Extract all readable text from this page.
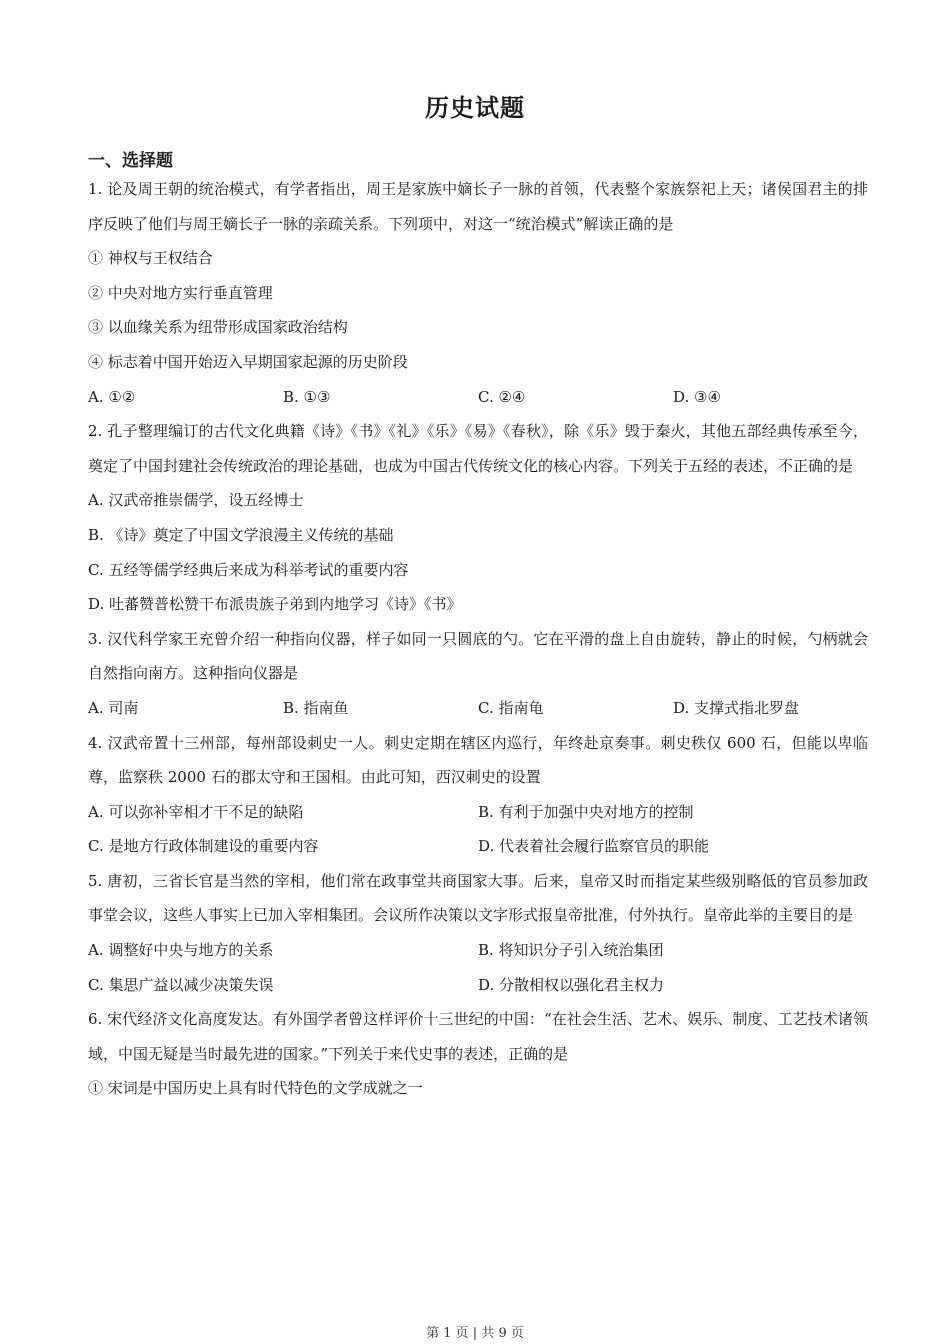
历史试题
一、选择题
1. 论及周王朝的统治模式，有学者指出，周王是家族中嫡长子一脉的首领，代表整个家族祭祀上天；诸侯国君主的排序反映了他们与周王嫡长子一脉的亲疏关系。下列项中，对这一“统治模式”解读正确的是
① 神权与王权结合
② 中央对地方实行垂直管理
③ 以血缘关系为纽带形成国家政治结构
④ 标志着中国开始迈入早期国家起源的历史阶段
A. ①②	B. ①③	C. ②④	D. ③④
2. 孔子整理编订的古代文化典籍《诗》《书》《礼》《乐》《易》《春秋》，除《乐》毁于秦火，其他五部经典传承至今，奠定了中国封建社会传统政治的理论基础，也成为中国古代传统文化的核心内容。下列关于五经的表述，不正确的是
A. 汉武帝推崇儒学，设五经博士
B. 《诗》奠定了中国文学浪漫主义传统的基础
C. 五经等儒学经典后来成为科举考试的重要内容
D. 吐蕃赞普松赞干布派贵族子弟到内地学习《诗》《书》
3. 汉代科学家王充曾介绍一种指向仪器，样子如同一只圆底的勺。它在平滑的盘上自由旋转，静止的时候，勺柄就会自然指向南方。这种指向仪器是
A. 司南	B. 指南鱼	C. 指南龟	D. 支撑式指北罗盘
4. 汉武帝置十三州部，每州部设刺史一人。刺史定期在辖区内巡行，年终赴京奏事。刺史秩仅 600 石，但能以卑临尊，监察秩 2000 石的郡太守和王国相。由此可知，西汉刺史的设置
A. 可以弥补宰相才干不足的缺陷	B. 有利于加强中央对地方的控制
C. 是地方行政体制建设的重要内容	D. 代表着社会履行监察官员的职能
5. 唐初，三省长官是当然的宰相，他们常在政事堂共商国家大事。后来，皇帝又时而指定某些级别略低的官员参加政事堂会议，这些人事实上已加入宰相集团。会议所作决策以文字形式报皇帝批准，付外执行。皇帝此举的主要目的是
A. 调整好中央与地方的关系	B. 将知识分子引入统治集团
C. 集思广益以减少决策失误	D. 分散相权以强化君主权力
6. 宋代经济文化高度发达。有外国学者曾这样评价十三世纪的中国：“在社会生活、艺术、娱乐、制度、工艺技术诸领域，中国无疑是当时最先进的国家。”下列关于来代史事的表述，正确的是
① 宋词是中国历史上具有时代特色的文学成就之一
第 1 页 | 共 9 页
